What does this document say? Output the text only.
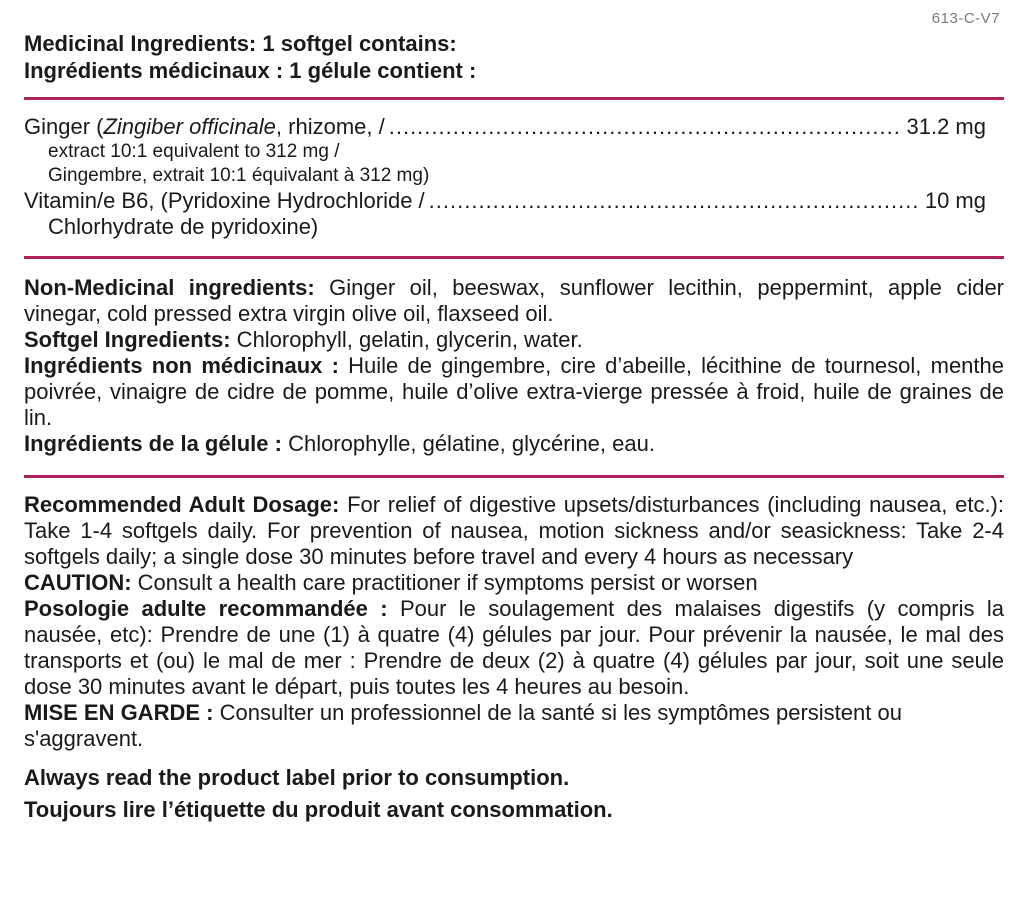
613-C-V7
Medicinal Ingredients: 1 softgel contains:
Ingrédients médicinaux : 1 gélule contient :
Ginger (Zingiber officinale, rhizome, / .....	31.2 mg
extract 10:1 equivalent to 312 mg /
Gingembre, extrait 10:1 équivalant à 312 mg)
Vitamin/e B6, (Pyridoxine Hydrochloride / .....	10 mg
Chlorhydrate de pyridoxine)
Non-Medicinal ingredients: Ginger oil, beeswax, sunflower lecithin, peppermint, apple cider vinegar, cold pressed extra virgin olive oil, flaxseed oil.
Softgel Ingredients: Chlorophyll, gelatin, glycerin, water.
Ingrédients non médicinaux : Huile de gingembre, cire d’abeille, lécithine de tournesol, menthe poivrée, vinaigre de cidre de pomme, huile d’olive extra-vierge pressée à froid, huile de graines de lin.
Ingrédients de la gélule : Chlorophylle, gélatine, glycérine, eau.
Recommended Adult Dosage: For relief of digestive upsets/disturbances (including nausea, etc.): Take 1-4 softgels daily. For prevention of nausea, motion sickness and/or seasickness: Take 2-4 softgels daily; a single dose 30 minutes before travel and every 4 hours as necessary
CAUTION: Consult a health care practitioner if symptoms persist or worsen
Posologie adulte recommandée : Pour le soulagement des malaises digestifs (y compris la nausée, etc): Prendre de une (1) à quatre (4) gélules par jour. Pour prévenir la nausée, le mal des transports et (ou) le mal de mer : Prendre de deux (2) à quatre (4) gélules par jour, soit une seule dose 30 minutes avant le départ, puis toutes les 4 heures au besoin.
MISE EN GARDE : Consulter un professionnel de la santé si les symptômes persistent ou s'aggravent.
Always read the product label prior to consumption.
Toujours lire l’étiquette du produit avant consommation.
